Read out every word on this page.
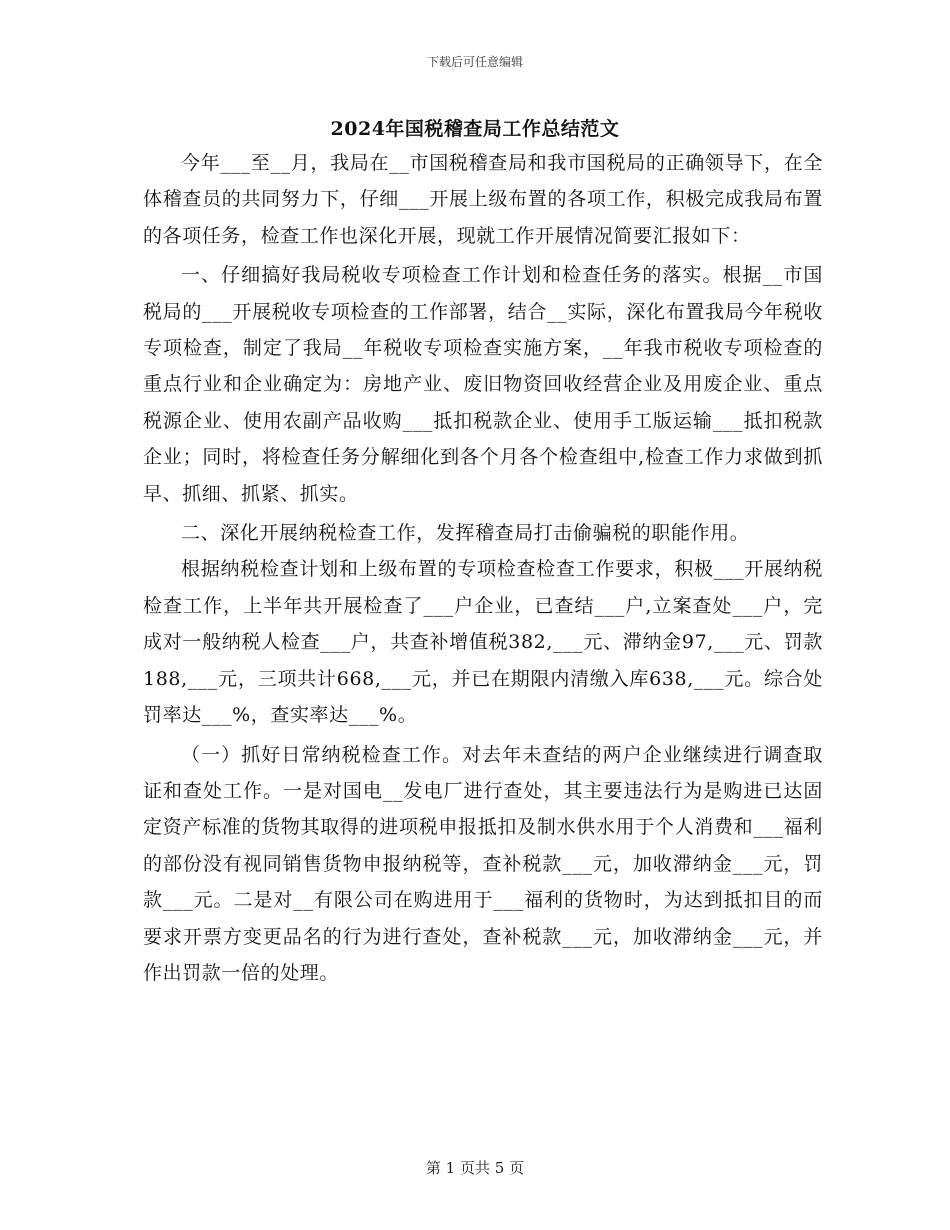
下载后可任意编辑
2024年国税稽查局工作总结范文

今年___至__月，我局在__市国税稽查局和我市国税局的正确领导下，在全体稽查员的共同努力下，仔细___开展上级布置的各项工作，积极完成我局布置的各项任务，检查工作也深化开展，现就工作开展情况简要汇报如下：

一、仔细搞好我局税收专项检查工作计划和检查任务的落实。根据__市国税局的___开展税收专项检查的工作部署，结合__实际，深化布置我局今年税收专项检查，制定了我局__年税收专项检查实施方案，__年我市税收专项检查的重点行业和企业确定为：房地产业、废旧物资回收经营企业及用废企业、重点税源企业、使用农副产品收购___抵扣税款企业、使用手工版运输___抵扣税款企业；同时，将检查任务分解细化到各个月各个检查组中,检查工作力求做到抓早、抓细、抓紧、抓实。

二、深化开展纳税检查工作，发挥稽查局打击偷骗税的职能作用。

根据纳税检查计划和上级布置的专项检查检查工作要求，积极___开展纳税检查工作，上半年共开展检查了___户企业，已查结___户,立案查处___户，完成对一般纳税人检查___户，共查补增值税382,___元、滞纳金97,___元、罚款188,___元，三项共计668,___元，并已在期限内清缴入库638,___元。综合处罚率达___%，查实率达___%。

（一）抓好日常纳税检查工作。对去年未查结的两户企业继续进行调查取证和查处工作。一是对国电__发电厂进行查处，其主要违法行为是购进已达固定资产标准的货物其取得的进项税申报抵扣及制水供水用于个人消费和___福利的部份没有视同销售货物申报纳税等，查补税款___元，加收滞纳金___元，罚款___元。二是对__有限公司在购进用于___福利的货物时，为达到抵扣目的而要求开票方变更品名的行为进行查处，查补税款___元，加收滞纳金___元，并作出罚款一倍的处理。

第 1 页共 5 页
